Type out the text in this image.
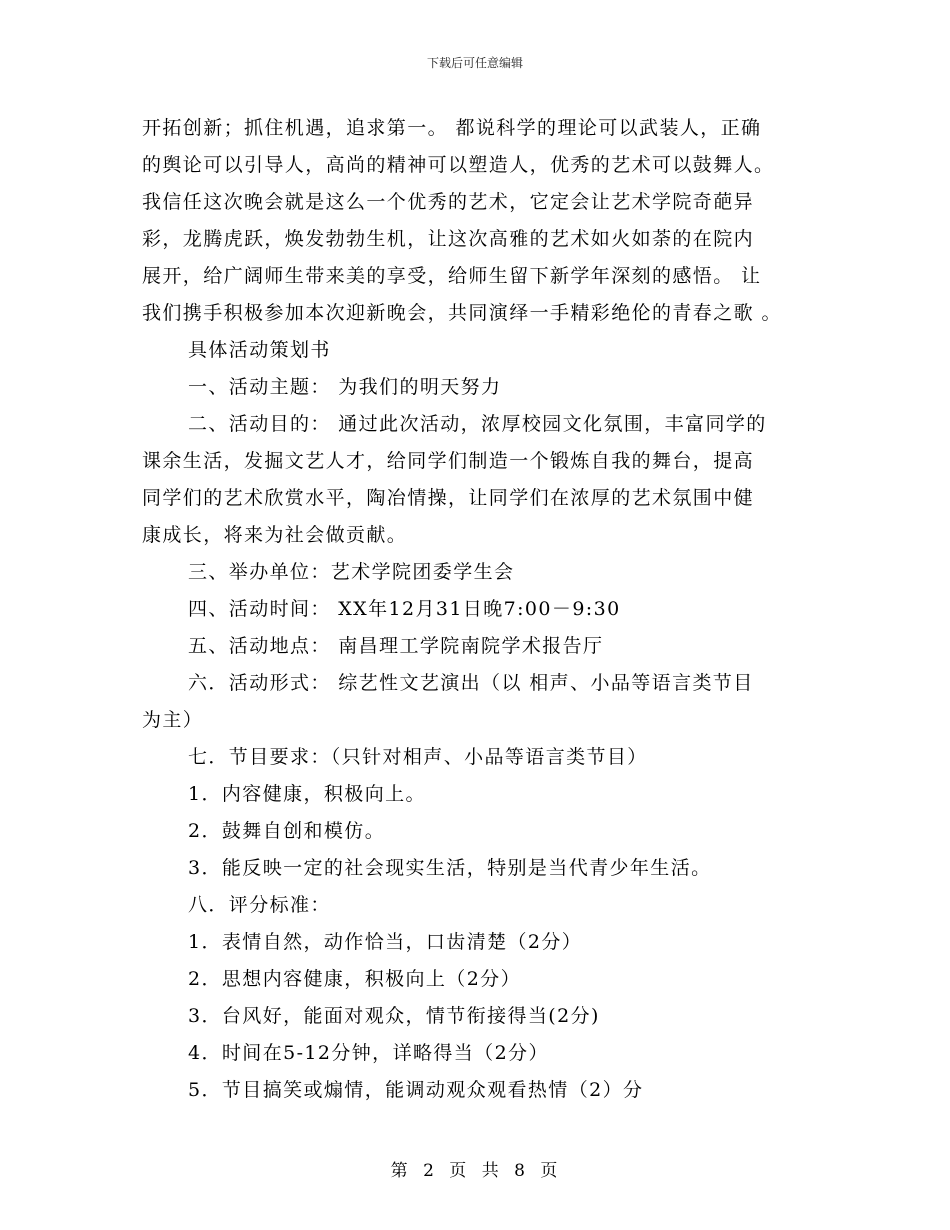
下载后可任意编辑

开拓创新；抓住机遇，追求第一。 都说科学的理论可以武装人，正确

的舆论可以引导人，高尚的精神可以塑造人，优秀的艺术可以鼓舞人。

我信任这次晚会就是这么一个优秀的艺术，它定会让艺术学院奇葩异

彩，龙腾虎跃，焕发勃勃生机，让这次高雅的艺术如火如荼的在院内

展开，给广阔师生带来美的享受，给师生留下新学年深刻的感悟。 让

我们携手积极参加本次迎新晚会，共同演绎一手精彩绝伦的青春之歌 。

具体活动策划书

一、活动主题： 为我们的明天努力

二、活动目的： 通过此次活动，浓厚校园文化氛围，丰富同学的

课余生活，发掘文艺人才，给同学们制造一个锻炼自我的舞台，提高

同学们的艺术欣赏水平，陶冶情操，让同学们在浓厚的艺术氛围中健

康成长，将来为社会做贡献。

三、举办单位：艺术学院团委学生会

四、活动时间： XX年12月31日晚7:00－9:30

五、活动地点： 南昌理工学院南院学术报告厅

六．活动形式： 综艺性文艺演出（以 相声、小品等语言类节目

为主）

七．节目要求：（只针对相声、小品等语言类节目）

1．内容健康，积极向上。

2．鼓舞自创和模仿。

3．能反映一定的社会现实生活，特别是当代青少年生活。

八．评分标准：

1．表情自然，动作恰当，口齿清楚（2分）

2．思想内容健康，积极向上（2分）

3．台风好，能面对观众，情节衔接得当(2分)

4．时间在5-12分钟，详略得当（2分）

5．节目搞笑或煽情，能调动观众观看热情（2）分

第 2 页 共 8 页
